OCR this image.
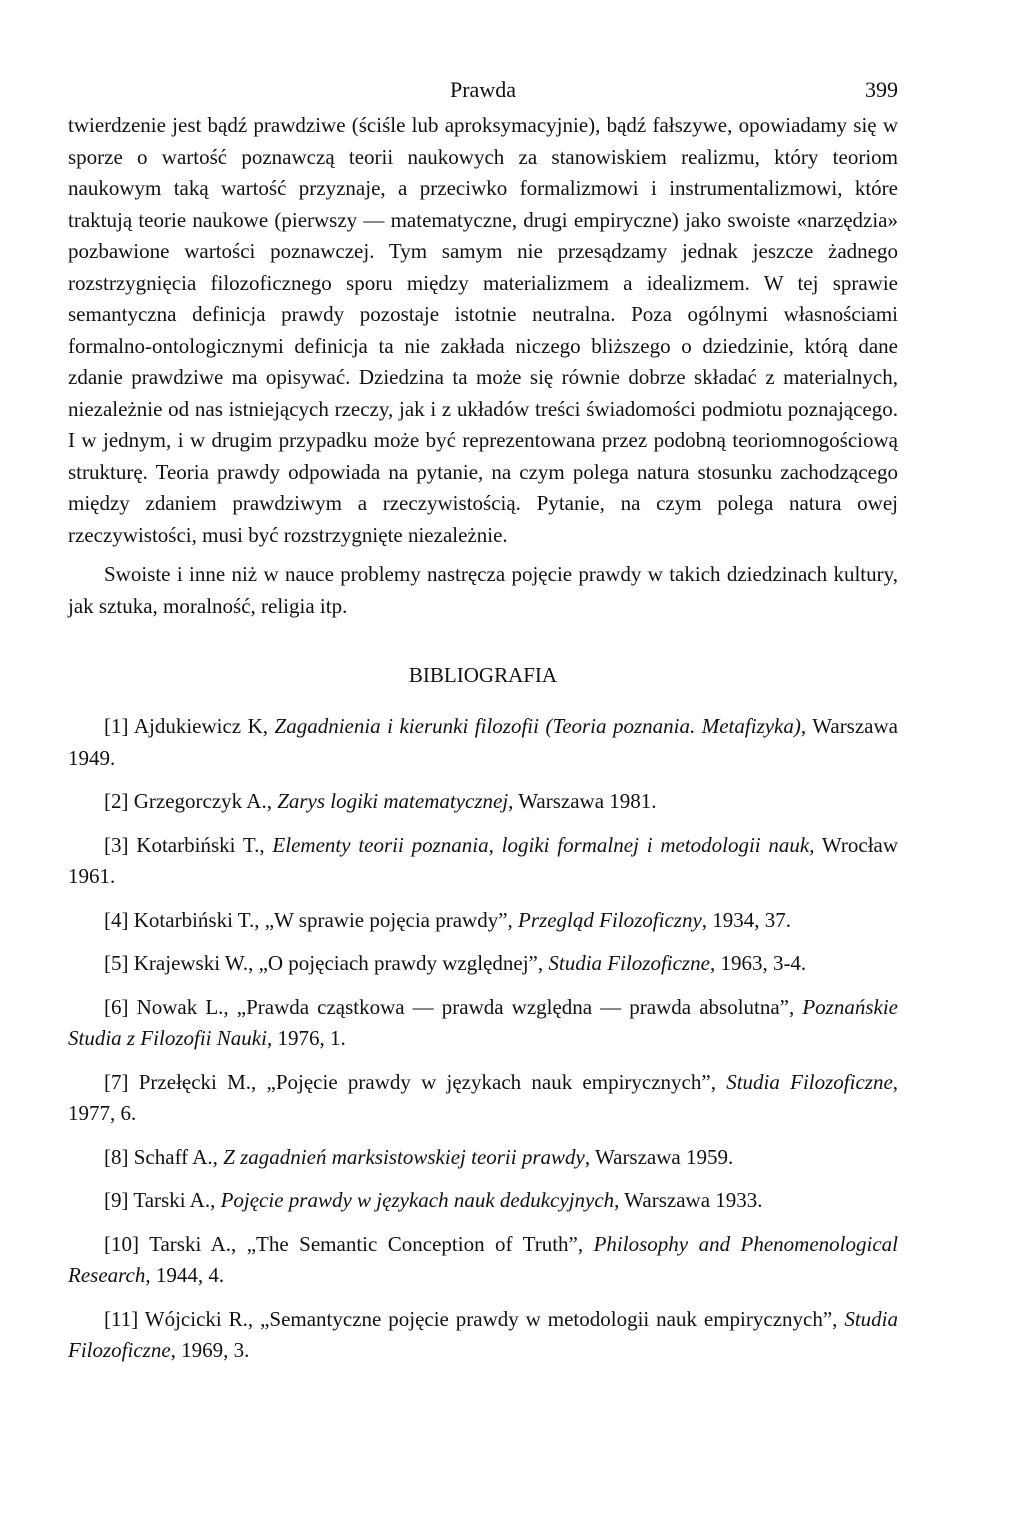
Prawda	399

twierdzenie jest bądź prawdziwe (ściśle lub aproksymacyjnie), bądź fałszywe, opowiadamy się w sporze o wartość poznawczą teorii naukowych za stanowiskiem realizmu, który teoriom naukowym taką wartość przyznaje, a przeciwko formalizmowi i instrumentalizmowi, które traktują teorie naukowe (pierwszy — matematyczne, drugi empiryczne) jako swoiste «narzędzia» pozbawione wartości poznawczej. Tym samym nie przesądzamy jednak jeszcze żadnego rozstrzygnięcia filozoficznego sporu między materializmem a idealizmem. W tej sprawie semantyczna definicja prawdy pozostaje istotnie neutralna. Poza ogólnymi własnościami formalno-ontologicznymi definicja ta nie zakłada niczego bliższego o dziedzinie, którą dane zdanie prawdziwe ma opisywać. Dziedzina ta może się równie dobrze składać z materialnych, niezależnie od nas istniejących rzeczy, jak i z układów treści świadomości podmiotu poznającego. I w jednym, i w drugim przypadku może być reprezentowana przez podobną teoriomnogościową strukturę. Teoria prawdy odpowiada na pytanie, na czym polega natura stosunku zachodzącego między zdaniem prawdziwym a rzeczywistością. Pytanie, na czym polega natura owej rzeczywistości, musi być rozstrzygnięte niezależnie.

Swoiste i inne niż w nauce problemy nastręcza pojęcie prawdy w takich dziedzinach kultury, jak sztuka, moralność, religia itp.

BIBLIOGRAFIA
[1] Ajdukiewicz K, Zagadnienia i kierunki filozofii (Teoria poznania. Metafizyka), Warszawa 1949.
[2] Grzegorczyk A., Zarys logiki matematycznej, Warszawa 1981.
[3] Kotarbiński T., Elementy teorii poznania, logiki formalnej i metodologii nauk, Wrocław 1961.
[4] Kotarbiński T., „W sprawie pojęcia prawdy”, Przegląd Filozoficzny, 1934, 37.
[5] Krajewski W., „O pojęciach prawdy względnej”, Studia Filozoficzne, 1963, 3-4.
[6] Nowak L., „Prawda cząstkowa — prawda względna — prawda absolutna”, Poznańskie Studia z Filozofii Nauki, 1976, 1.
[7] Przełęcki M., „Pojęcie prawdy w językach nauk empirycznych”, Studia Filozoficzne, 1977, 6.
[8] Schaff A., Z zagadnień marksistowskiej teorii prawdy, Warszawa 1959.
[9] Tarski A., Pojęcie prawdy w językach nauk dedukcyjnych, Warszawa 1933.
[10] Tarski A., „The Semantic Conception of Truth”, Philosophy and Phenomenological Research, 1944, 4.
[11] Wójcicki R., „Semantyczne pojęcie prawdy w metodologii nauk empirycznych”, Studia Filozoficzne, 1969, 3.
